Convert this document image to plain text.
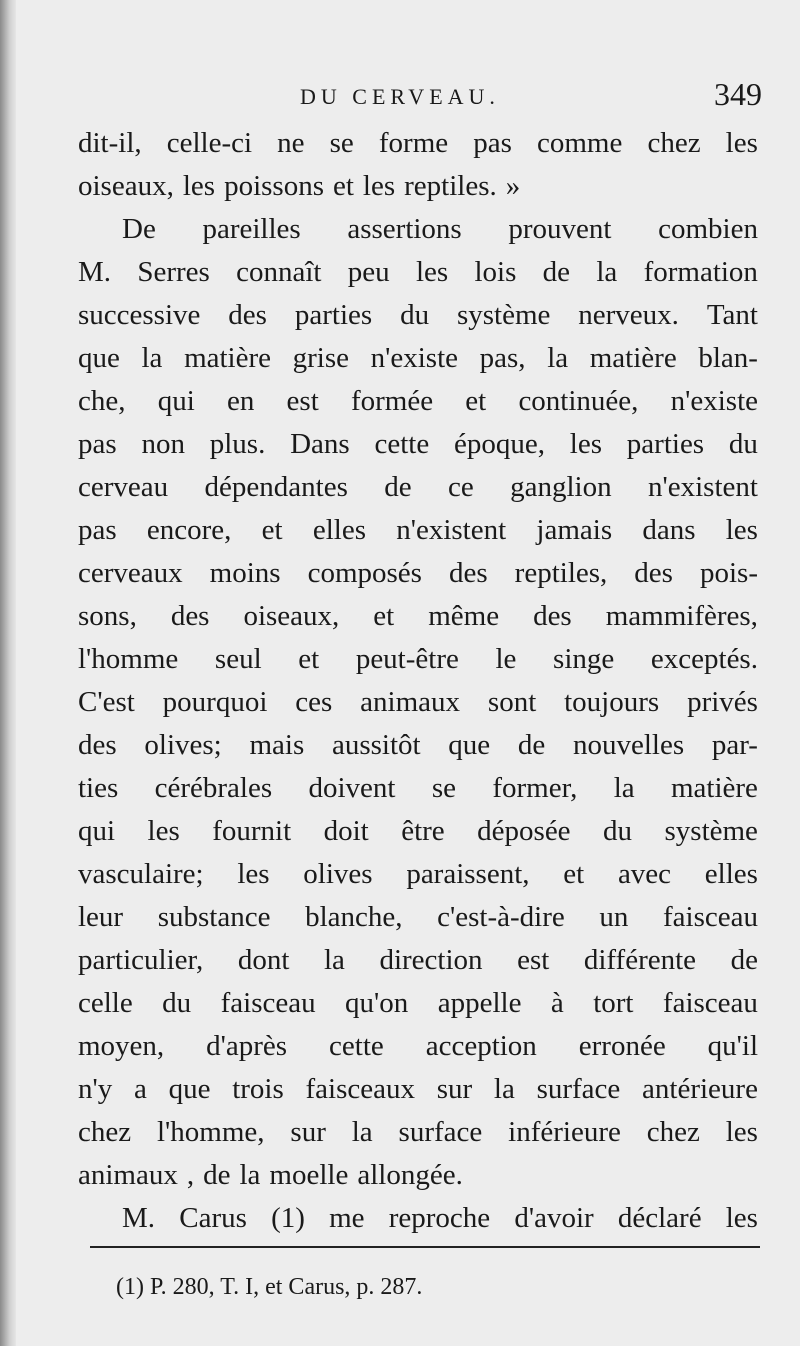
DU CERVEAU.	349
dit-il, celle-ci ne se forme pas comme chez les
oiseaux, les poissons et les reptiles. »
De pareilles assertions prouvent combien
M. Serres connaît peu les lois de la formation
successive des parties du système nerveux. Tant
que la matière grise n'existe pas, la matière blan-
che, qui en est formée et continuée, n'existe
pas non plus. Dans cette époque, les parties du
cerveau dépendantes de ce ganglion n'existent
pas encore, et elles n'existent jamais dans les
cerveaux moins composés des reptiles, des pois-
sons, des oiseaux, et même des mammifères,
l'homme seul et peut-être le singe exceptés.
C'est pourquoi ces animaux sont toujours privés
des olives; mais aussitôt que de nouvelles par-
ties cérébrales doivent se former, la matière
qui les fournit doit être déposée du système
vasculaire; les olives paraissent, et avec elles
leur substance blanche, c'est-à-dire un faisceau
particulier, dont la direction est différente de
celle du faisceau qu'on appelle à tort faisceau
moyen, d'après cette acception erronée qu'il
n'y a que trois faisceaux sur la surface antérieure
chez l'homme, sur la surface inférieure chez les
animaux , de la moelle allongée.
M. Carus (1) me reproche d'avoir déclaré les
(1) P. 280, T. I, et Carus, p. 287.
